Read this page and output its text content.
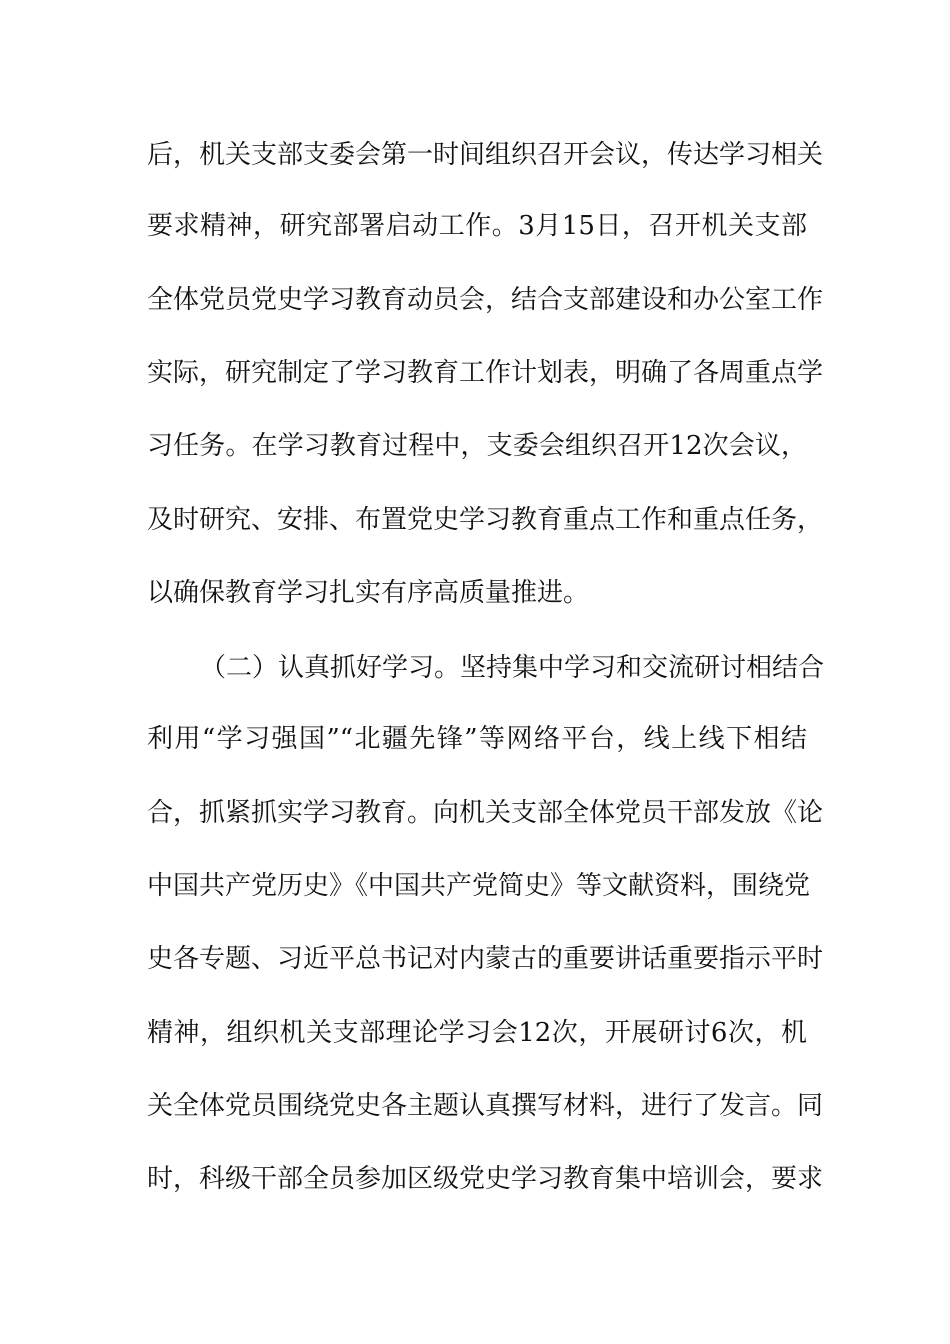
后，机关支部支委会第一时间组织召开会议，传达学习相关
要求精神，研究部署启动工作。3月15日，召开机关支部
全体党员党史学习教育动员会，结合支部建设和办公室工作
实际，研究制定了学习教育工作计划表，明确了各周重点学
习任务。在学习教育过程中，支委会组织召开12次会议，
及时研究、安排、布置党史学习教育重点工作和重点任务，
以确保教育学习扎实有序高质量推进。
（二）认真抓好学习。坚持集中学习和交流研讨相结合
利用“学习强国”“北疆先锋”等网络平台，线上线下相结
合，抓紧抓实学习教育。向机关支部全体党员干部发放《论
中国共产党历史》《中国共产党简史》等文献资料，围绕党
史各专题、习近平总书记对内蒙古的重要讲话重要指示平时
精神，组织机关支部理论学习会12次，开展研讨6次，机
关全体党员围绕党史各主题认真撰写材料，进行了发言。同
时，科级干部全员参加区级党史学习教育集中培训会，要求
